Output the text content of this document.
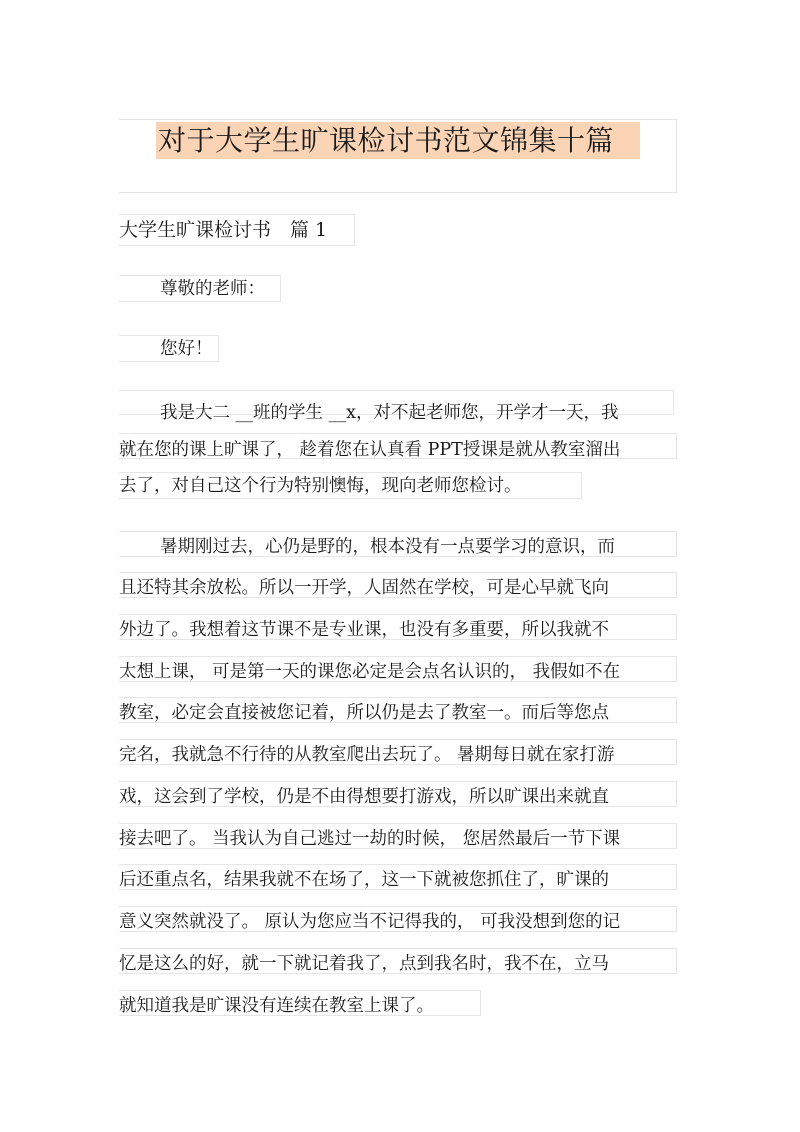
对于大学生旷课检讨书范文锦集十篇
大学生旷课检讨书　篇 1
尊敬的老师：
您好！
我是大二 __班的学生 __x，对不起老师您，开学才一天，我
就在您的课上旷课了， 趁着您在认真看 PPT授课是就从教室溜出
去了，对自己这个行为特别懊悔，现向老师您检讨。
暑期刚过去，心仍是野的，根本没有一点要学习的意识，而
且还特其余放松。所以一开学，人固然在学校，可是心早就飞向
外边了。我想着这节课不是专业课，也没有多重要，所以我就不
太想上课， 可是第一天的课您必定是会点名认识的， 我假如不在
教室，必定会直接被您记着，所以仍是去了教室一。而后等您点
完名，我就急不行待的从教室爬出去玩了。 暑期每日就在家打游
戏，这会到了学校，仍是不由得想要打游戏，所以旷课出来就直
接去吧了。 当我认为自己逃过一劫的时候， 您居然最后一节下课
后还重点名，结果我就不在场了，这一下就被您抓住了，旷课的
意义突然就没了。 原认为您应当不记得我的， 可我没想到您的记
忆是这么的好，就一下就记着我了，点到我名时，我不在，立马
就知道我是旷课没有连续在教室上课了。
